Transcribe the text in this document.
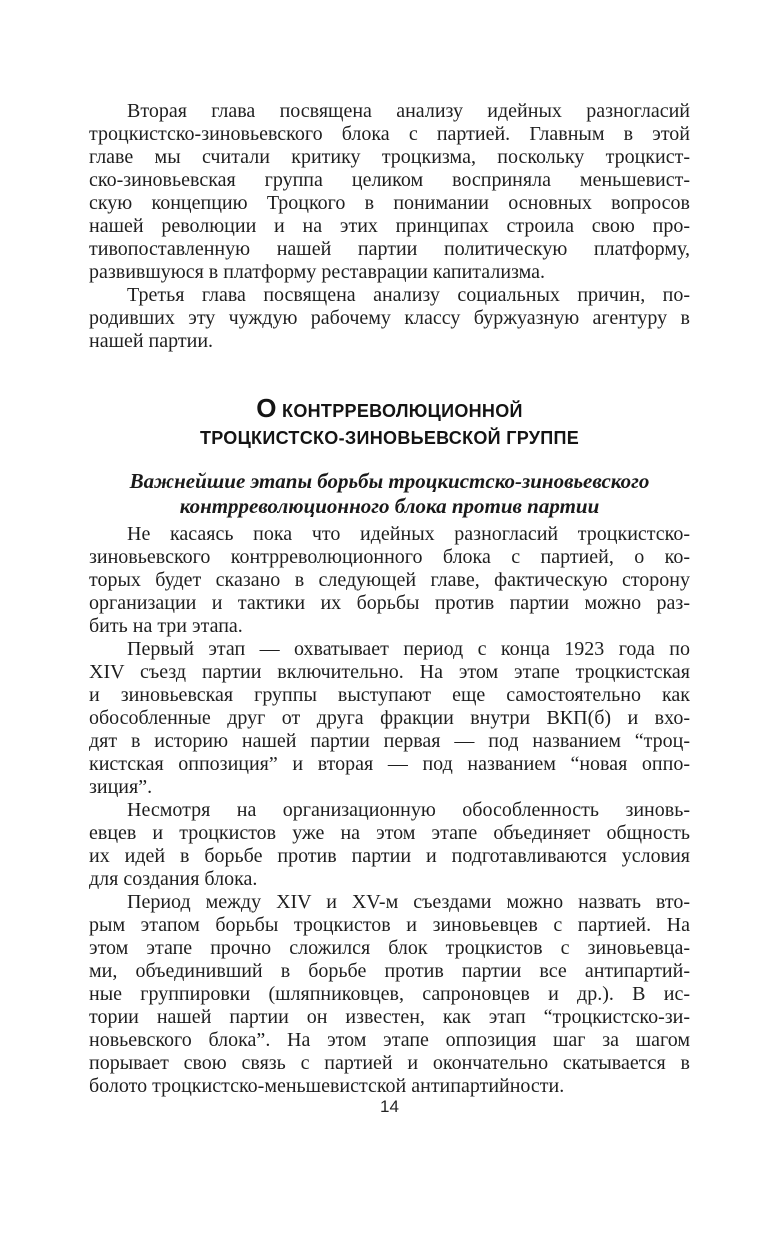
Вторая глава посвящена анализу идейных разногласий
троцкистско-зиновьевского блока с партией. Главным в этой
главе мы считали критику троцкизма, поскольку троцкист-
ско-зиновьевская группа целиком восприняла меньшевист-
скую концепцию Троцкого в понимании основных вопросов
нашей революции и на этих принципах строила свою про-
тивопоставленную нашей партии политическую платформу,
развившуюся в платформу реставрации капитализма.
Третья глава посвящена анализу социальных причин, по-
родивших эту чуждую рабочему классу буржуазную агентуру в
нашей партии.
О КОНТРРЕВОЛЮЦИОННОЙ
ТРОЦКИСТСКО-ЗИНОВЬЕВСКОЙ ГРУППЕ
Важнейшие этапы борьбы троцкистско-зиновьевского
контрреволюционного блока против партии
Не касаясь пока что идейных разногласий троцкистско-
зиновьевского контрреволюционного блока с партией, о ко-
торых будет сказано в следующей главе, фактическую сторону
организации и тактики их борьбы против партии можно раз-
бить на три этапа.
Первый этап — охватывает период с конца 1923 года по
XIV съезд партии включительно. На этом этапе троцкистская
и зиновьевская группы выступают еще самостоятельно как
обособленные друг от друга фракции внутри ВКП(б) и вхо-
дят в историю нашей партии первая — под названием “троц-
кистская оппозиция” и вторая — под названием “новая оппо-
зиция”.
Несмотря на организационную обособленность зиновь-
евцев и троцкистов уже на этом этапе объединяет общность
их идей в борьбе против партии и подготавливаются условия
для создания блока.
Период между XIV и XV-м съездами можно назвать вто-
рым этапом борьбы троцкистов и зиновьевцев с партией. На
этом этапе прочно сложился блок троцкистов с зиновьевца-
ми, объединивший в борьбе против партии все антипартий-
ные группировки (шляпниковцев, сапроновцев и др.). В ис-
тории нашей партии он известен, как этап “троцкистско-зи-
новьевского блока”. На этом этапе оппозиция шаг за шагом
порывает свою связь с партией и окончательно скатывается в
болото троцкистско-меньшевистской антипартийности.
14
